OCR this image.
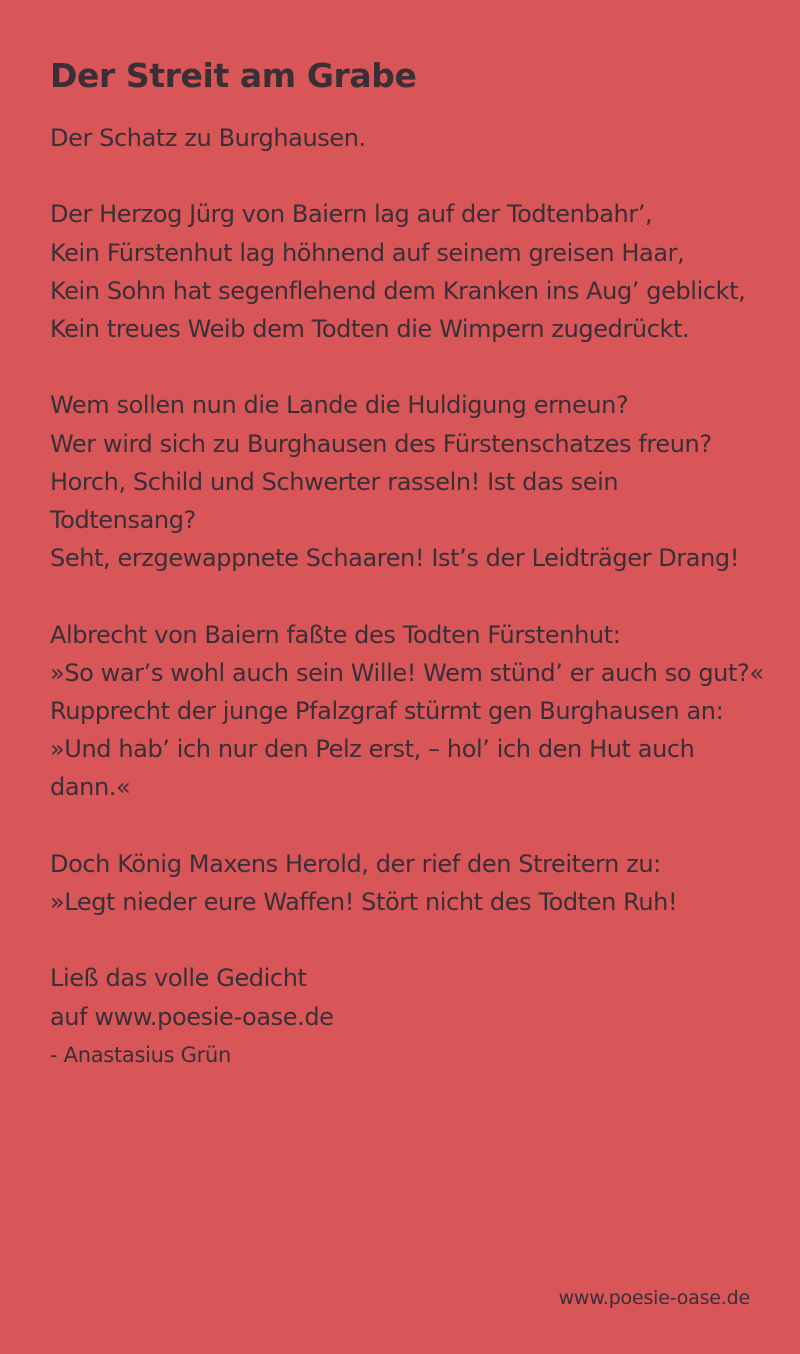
Der Streit am Grabe
Der Schatz zu Burghausen.
Der Herzog Jürg von Baiern lag auf der Todtenbahr’,
Kein Fürstenhut lag höhnend auf seinem greisen Haar,
Kein Sohn hat segenflehend dem Kranken ins Aug’ geblickt,
Kein treues Weib dem Todten die Wimpern zugedrückt.
Wem sollen nun die Lande die Huldigung erneun?
Wer wird sich zu Burghausen des Fürstenschatzes freun?
Horch, Schild und Schwerter rasseln! Ist das sein Todtensang?
Seht, erzgewappnete Schaaren! Ist’s der Leidträger Drang!
Albrecht von Baiern faßte des Todten Fürstenhut:
»So war’s wohl auch sein Wille! Wem stünd’ er auch so gut?«
Rupprecht der junge Pfalzgraf stürmt gen Burghausen an:
»Und hab’ ich nur den Pelz erst, – hol’ ich den Hut auch dann.«
Doch König Maxens Herold, der rief den Streitern zu:
»Legt nieder eure Waffen! Stört nicht des Todten Ruh!
Ließ das volle Gedicht
auf www.poesie-oase.de
- Anastasius Grün
www.poesie-oase.de
